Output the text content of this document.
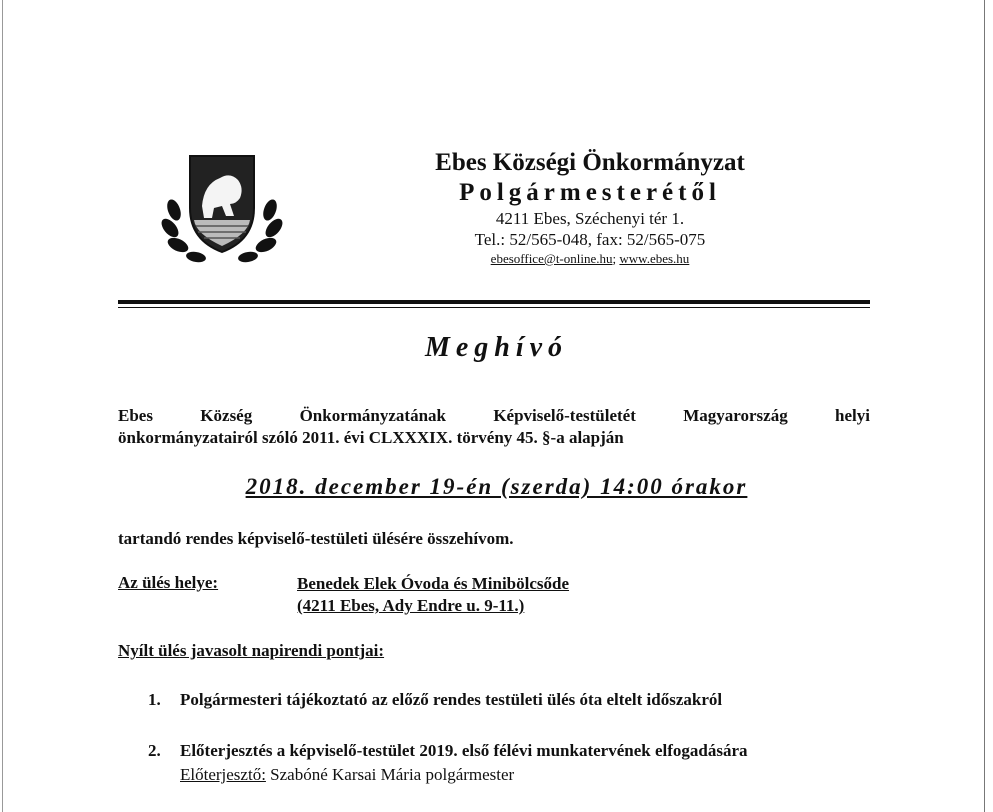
Ebes Községi Önkormányzat
Polgármesterétől
4211 Ebes, Széchenyi tér 1.
Tel.: 52/565-048, fax: 52/565-075
ebesoffice@t-online.hu; www.ebes.hu
Meghívó
Ebes	Község	Önkormányzatának	Képviselő-testületét	Magyarország	helyi
önkormányzatairól szóló 2011. évi CLXXXIX. törvény 45. §-a alapján
2018. december 19-én (szerda) 14:00 órakor
tartandó rendes képviselő-testületi ülésére összehívom.
Az ülés helye:	Benedek Elek Óvoda és Minibölcsőde
(4211 Ebes, Ady Endre u. 9-11.)
Nyílt ülés javasolt napirendi pontjai:
1. Polgármesteri tájékoztató az előző rendes testületi ülés óta eltelt időszakról
2. Előterjesztés a képviselő-testület 2019. első félévi munkatervének elfogadására
Előterjesztő: Szabóné Karsai Mária polgármester
